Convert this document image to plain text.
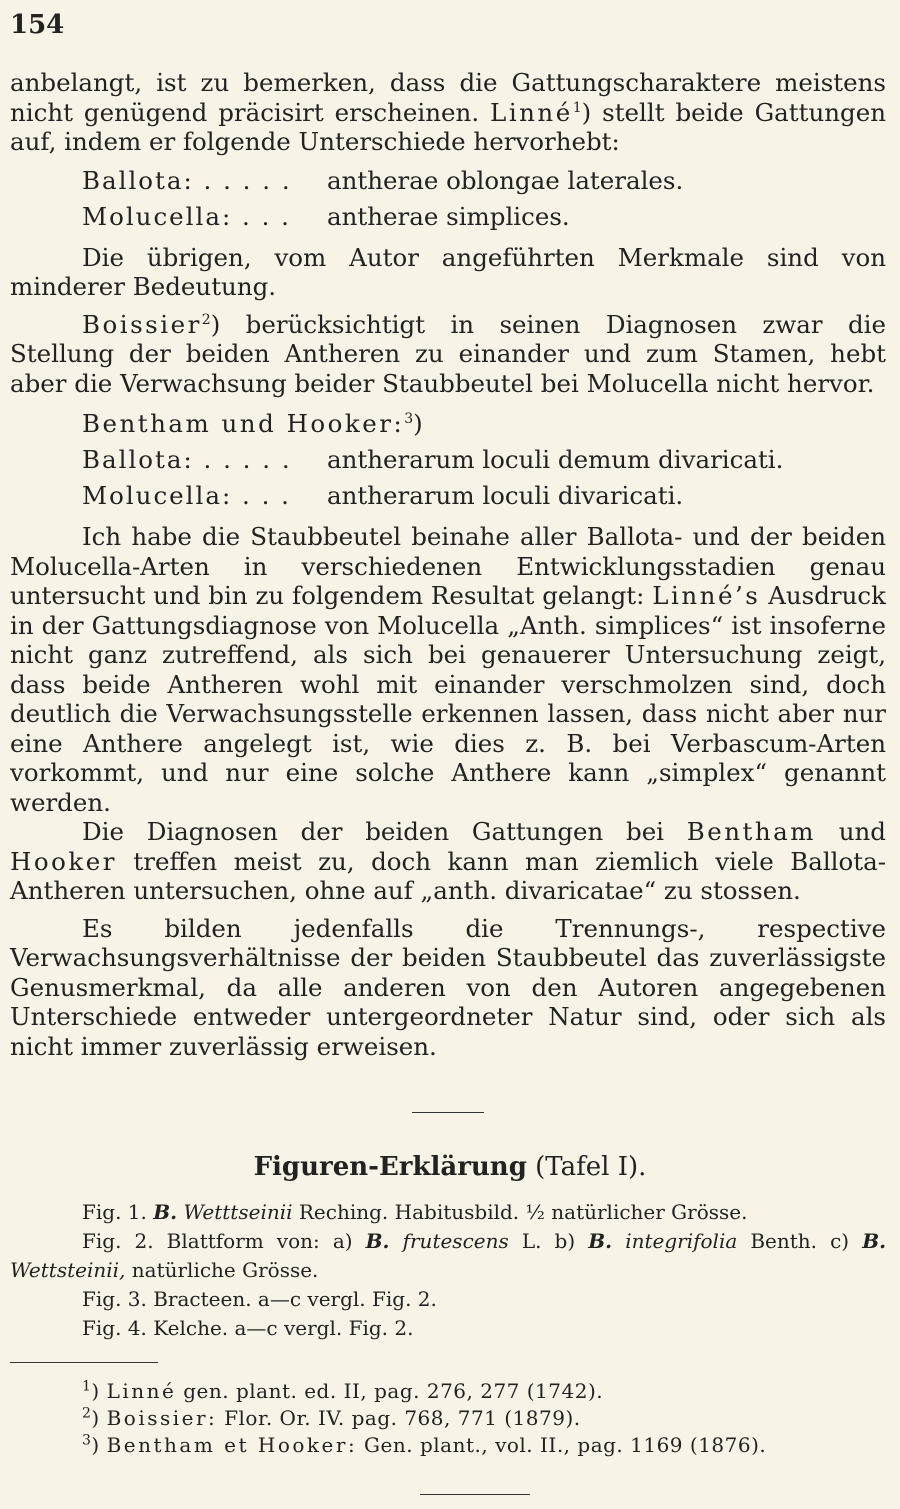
154

anbelangt, ist zu bemerken, dass die Gattungscharaktere meistens nicht genügend präcisirt erscheinen. Linné$^1$) stellt beide Gattungen auf, indem er folgende Unterschiede hervorhebt:

Ballota: . . . . .	antherae oblongae laterales.
Molucella: . . .	antherae simplices.

Die übrigen, vom Autor angeführten Merkmale sind von minderer Bedeutung.

Boissier$^2$) berücksichtigt in seinen Diagnosen zwar die Stellung der beiden Antheren zu einander und zum Stamen, hebt aber die Verwachsung beider Staubbeutel bei Molucella nicht hervor.

Bentham und Hooker:$^3$)
Ballota: . . . . .	antherarum loculi demum divaricati.
Molucella: . . .	antherarum loculi divaricati.

Ich habe die Staubbeutel beinahe aller Ballota- und der beiden Molucella-Arten in verschiedenen Entwicklungsstadien genau untersucht und bin zu folgendem Resultat gelangt: Linné’s Ausdruck in der Gattungsdiagnose von Molucella „Anth. simplices“ ist insoferne nicht ganz zutreffend, als sich bei genauerer Untersuchung zeigt, dass beide Antheren wohl mit einander verschmolzen sind, doch deutlich die Verwachsungsstelle erkennen lassen, dass nicht aber nur eine Anthere angelegt ist, wie dies z. B. bei Verbascum-Arten vorkommt, und nur eine solche Anthere kann „simplex“ genannt werden.

Die Diagnosen der beiden Gattungen bei Bentham und Hooker treffen meist zu, doch kann man ziemlich viele Ballota-Antheren untersuchen, ohne auf „anth. divaricatae“ zu stossen.

Es bilden jedenfalls die Trennungs-, respective Verwachsungsverhältnisse der beiden Staubbeutel das zuverlässigste Genusmerkmal, da alle anderen von den Autoren angegebenen Unterschiede entweder untergeordneter Natur sind, oder sich als nicht immer zuverlässig erweisen.

Figuren-Erklärung (Tafel I).
Fig. 1. B. Wetttseinii Reching. Habitusbild. ½ natürlicher Grösse.
Fig. 2. Blattform von: a) B. frutescens L. b) B. integrifolia Benth. c) B. Wettsteinii, natürliche Grösse.
Fig. 3. Bracteen. a—c vergl. Fig. 2.
Fig. 4. Kelche. a—c vergl. Fig. 2.
$^1$) Linné gen. plant. ed. II, pag. 276, 277 (1742).
$^2$) Boissier: Flor. Or. IV. pag. 768, 771 (1879).
$^3$) Bentham et Hooker: Gen. plant., vol. II., pag. 1169 (1876).
